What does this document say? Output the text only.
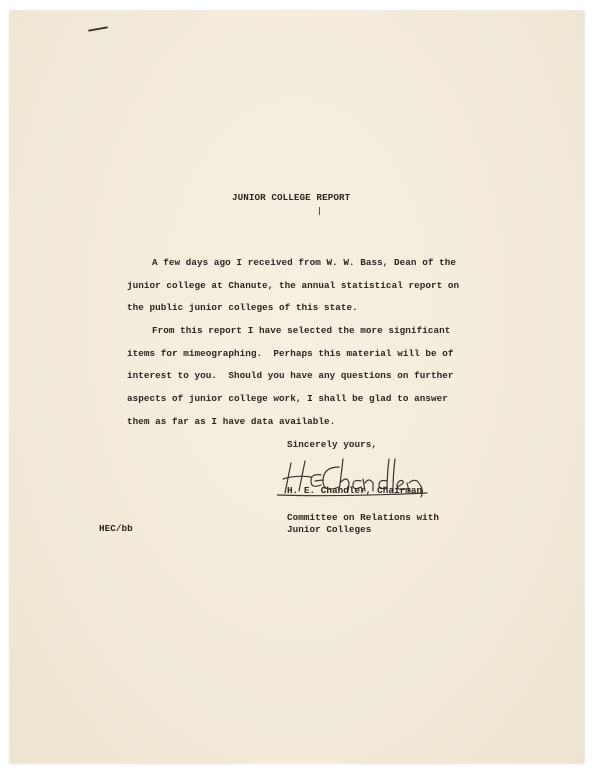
JUNIOR COLLEGE REPORT
A few days ago I received from W. W. Bass, Dean of the
junior college at Chanute, the annual statistical report on
the public junior colleges of this state.
From this report I have selected the more significant
items for mimeographing.  Perhaps this material will be of
interest to you.  Should you have any questions on further
aspects of junior college work, I shall be glad to answer
them as far as I have data available.
Sincerely yours,
H. E. Chandler, Chairman
Committee on Relations with
Junior Colleges
HEC/bb
